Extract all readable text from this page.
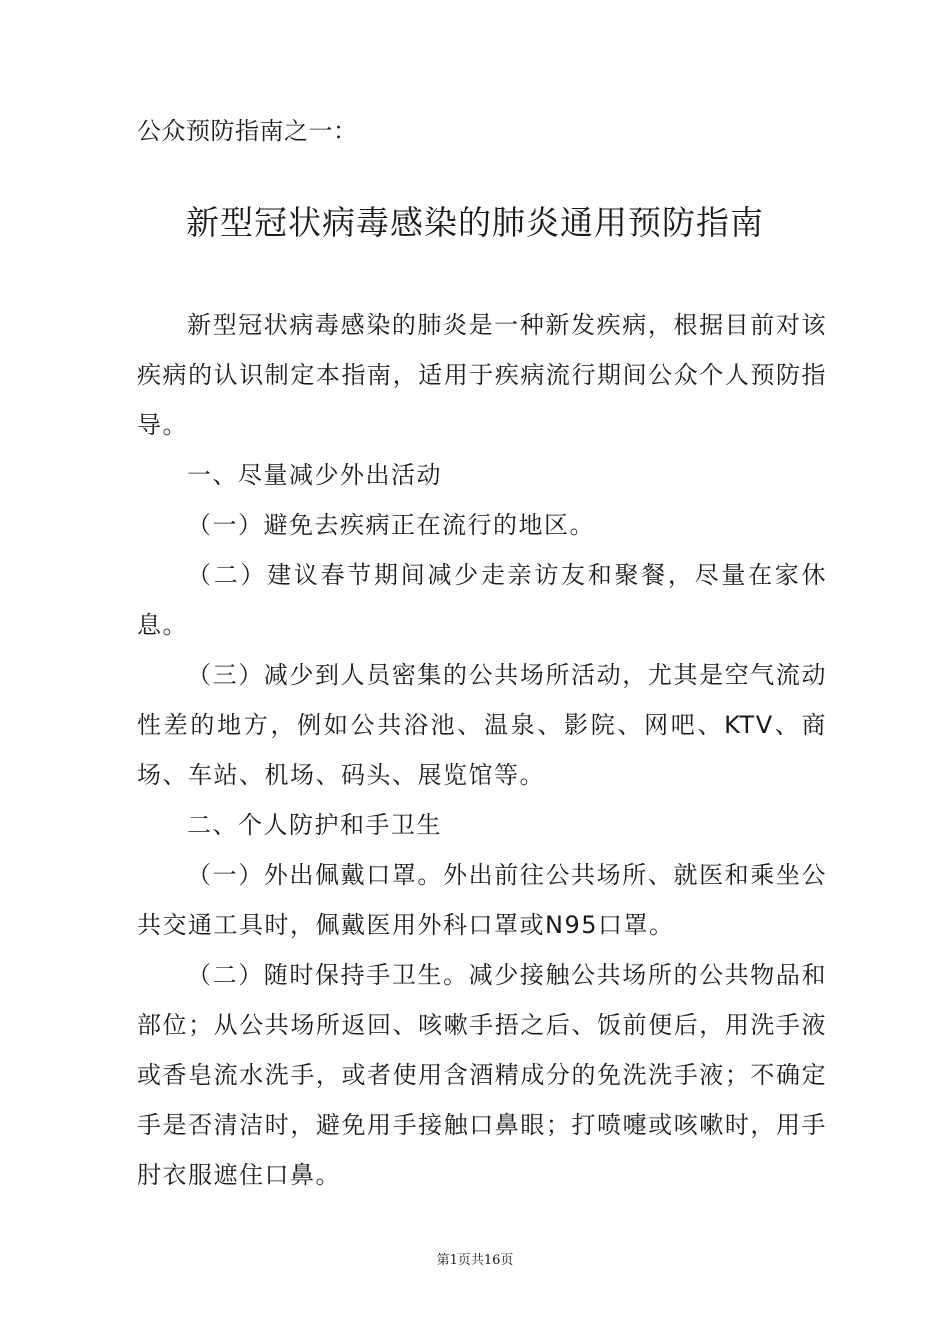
公众预防指南之一：
新型冠状病毒感染的肺炎通用预防指南

新型冠状病毒感染的肺炎是一种新发疾病，根据目前对该疾病的认识制定本指南，适用于疾病流行期间公众个人预防指导。

一、尽量减少外出活动

（一）避免去疾病正在流行的地区。

（二）建议春节期间减少走亲访友和聚餐，尽量在家休息。

（三）减少到人员密集的公共场所活动，尤其是空气流动性差的地方，例如公共浴池、温泉、影院、网吧、KTV、商场、车站、机场、码头、展览馆等。

二、个人防护和手卫生

（一）外出佩戴口罩。外出前往公共场所、就医和乘坐公共交通工具时，佩戴医用外科口罩或N95口罩。

（二）随时保持手卫生。减少接触公共场所的公共物品和部位；从公共场所返回、咳嗽手捂之后、饭前便后，用洗手液或香皂流水洗手，或者使用含酒精成分的免洗洗手液；不确定手是否清洁时，避免用手接触口鼻眼；打喷嚏或咳嗽时，用手肘衣服遮住口鼻。

第1页共16页
